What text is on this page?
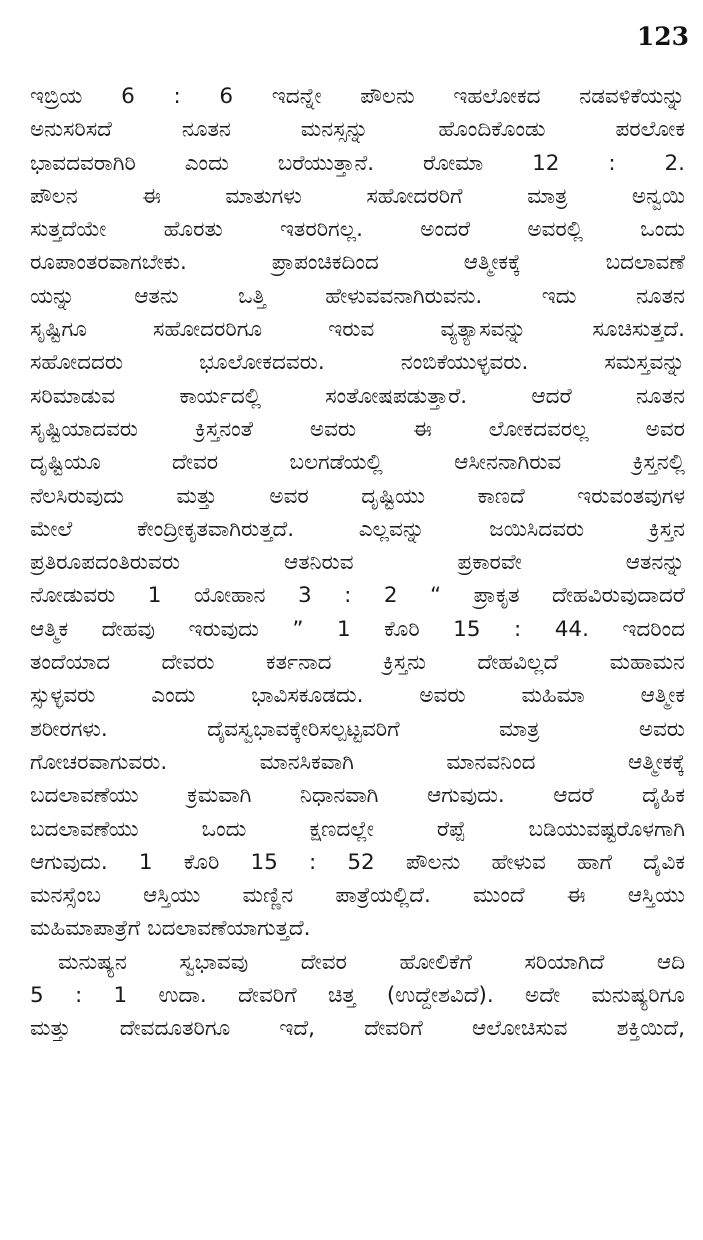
123
ಇಬ್ರಿಯ 6 : 6 ಇದನ್ನೇ ಪೌಲನು ಇಹಲೋಕದ ನಡವಳಿಕೆಯನ್ನು
ಅನುಸರಿಸದೆ ನೂತನ ಮನಸ್ಸನ್ನು ಹೊಂದಿಕೊಂಡು ಪರಲೋಕ
ಭಾವದವರಾಗಿರಿ ಎಂದು ಬರೆಯುತ್ತಾನೆ. ರೋಮಾ 12 : 2.
ಪೌಲನ ಈ ಮಾತುಗಳು ಸಹೋದರರಿಗೆ ಮಾತ್ರ ಅನ್ವಯಿ
ಸುತ್ತದೆಯೇ ಹೊರತು ಇತರರಿಗಲ್ಲ. ಅಂದರೆ ಅವರಲ್ಲಿ ಒಂದು
ರೂಪಾಂತರವಾಗಬೇಕು. ಪ್ರಾಪಂಚಿಕದಿಂದ ಆತ್ಮೀಕಕ್ಕೆ ಬದಲಾವಣೆ
ಯನ್ನು ಆತನು ಒತ್ತಿ ಹೇಳುವವನಾಗಿರುವನು. ಇದು ನೂತನ
ಸೃಷ್ಟಿಗೂ ಸಹೋದರರಿಗೂ ಇರುವ ವ್ಯತ್ಯಾಸವನ್ನು ಸೂಚಿಸುತ್ತದೆ.
ಸಹೋದದರು ಭೂಲೋಕದವರು. ನಂಬಿಕೆಯುಳ್ಳವರು. ಸಮಸ್ತವನ್ನು
ಸರಿಮಾಡುವ ಕಾರ್ಯದಲ್ಲಿ ಸಂತೋಷಪಡುತ್ತಾರೆ. ಆದರೆ ನೂತನ
ಸೃಷ್ಟಿಯಾದವರು ಕ್ರಿಸ್ತನಂತೆ ಅವರು ಈ ಲೋಕದವರಲ್ಲ ಅವರ
ದೃಷ್ಟಿಯೂ ದೇವರ ಬಲಗಡೆಯಲ್ಲಿ ಆಸೀನನಾಗಿರುವ ಕ್ರಿಸ್ತನಲ್ಲಿ
ನೆಲಸಿರುವುದು ಮತ್ತು ಅವರ ದೃಷ್ಟಿಯು ಕಾಣದೆ ಇರುವಂತವುಗಳ
ಮೇಲೆ ಕೇಂದ್ರೀಕೃತವಾಗಿರುತ್ತದೆ. ಎಲ್ಲವನ್ನು ಜಯಿಸಿದವರು ಕ್ರಿಸ್ತನ
ಪ್ರತಿರೂಪದಂತಿರುವರು ಆತನಿರುವ ಪ್ರಕಾರವೇ ಆತನನ್ನು
ನೋಡುವರು 1 ಯೋಹಾನ 3 : 2 “ ಪ್ರಾಕೃತ ದೇಹವಿರುವುದಾದರೆ
ಆತ್ಮಿಕ ದೇಹವು ಇರುವುದು ” 1 ಕೊರಿ 15 : 44. ಇದರಿಂದ
ತಂದೆಯಾದ ದೇವರು ಕರ್ತನಾದ ಕ್ರಿಸ್ತನು ದೇಹವಿಲ್ಲದೆ ಮಹಾಮನ
ಸ್ಸುಳ್ಳವರು ಎಂದು ಭಾವಿಸಕೂಡದು. ಅವರು ಮಹಿಮಾ ಆತ್ಮೀಕ
ಶರೀರಗಳು. ದೈವಸ್ವಭಾವಕ್ಕೇರಿಸಲ್ಪಟ್ಟವರಿಗೆ ಮಾತ್ರ ಅವರು
ಗೋಚರವಾಗುವರು. ಮಾನಸಿಕವಾಗಿ ಮಾನವನಿಂದ ಆತ್ಮೀಕಕ್ಕೆ
ಬದಲಾವಣೆಯು ಕ್ರಮವಾಗಿ ನಿಧಾನವಾಗಿ ಆಗುವುದು. ಆದರೆ ದೈಹಿಕ
ಬದಲಾವಣೆಯು ಒಂದು ಕ್ಷಣದಲ್ಲೇ ರೆಪ್ಪೆ ಬಡಿಯುವಷ್ಟರೊಳಗಾಗಿ
ಆಗುವುದು. 1 ಕೊರಿ 15 : 52 ಪೌಲನು ಹೇಳುವ ಹಾಗೆ ದೈವಿಕ
ಮನಸ್ಸೆಂಬ ಆಸ್ತಿಯು ಮಣ್ಣಿನ ಪಾತ್ರೆಯಲ್ಲಿದೆ. ಮುಂದೆ ಈ ಆಸ್ತಿಯು
ಮಹಿಮಾಪಾತ್ರೆಗೆ ಬದಲಾವಣೆಯಾಗುತ್ತದೆ.
ಮನುಷ್ಯನ ಸ್ವಭಾವವು ದೇವರ ಹೋಲಿಕೆಗೆ ಸರಿಯಾಗಿದೆ ಆದಿ
5 : 1 ಉದಾ. ದೇವರಿಗೆ ಚಿತ್ತ (ಉದ್ದೇಶವಿದೆ). ಅದೇ ಮನುಷ್ಯರಿಗೂ
ಮತ್ತು ದೇವದೂತರಿಗೂ ಇದೆ, ದೇವರಿಗೆ ಆಲೋಚಿಸುವ ಶಕ್ತಿಯಿದೆ,
